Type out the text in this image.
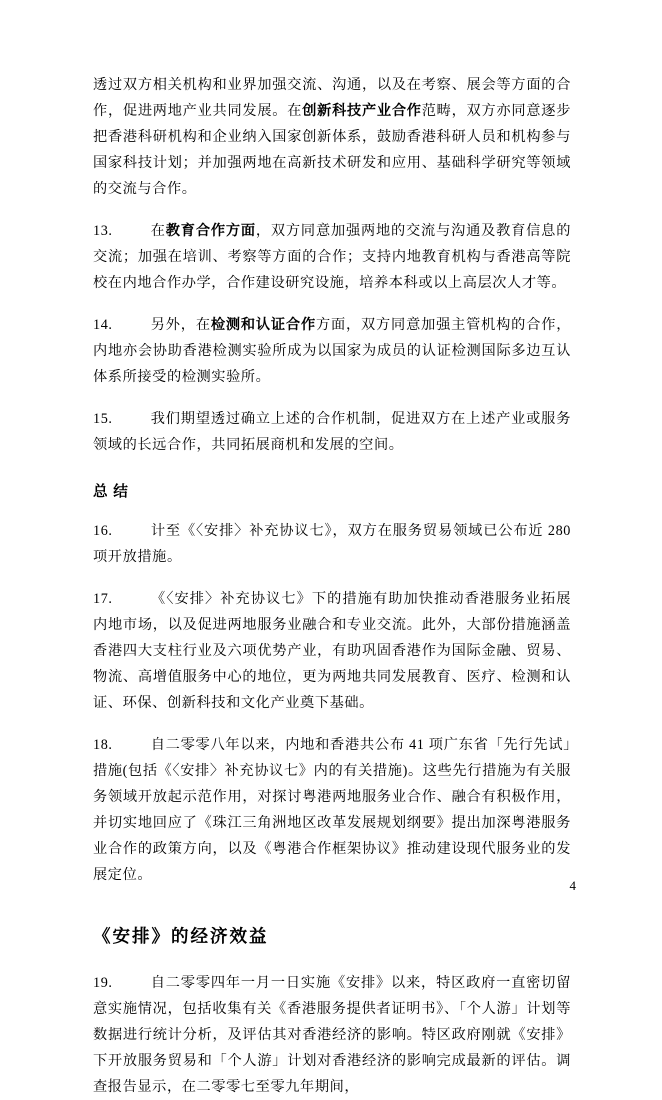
透过双方相关机构和业界加强交流、沟通，以及在考察、展会等方面的合作，促进两地产业共同发展。在创新科技产业合作范畴，双方亦同意逐步把香港科研机构和企业纳入国家创新体系，鼓励香港科研人员和机构参与国家科技计划；并加强两地在高新技术研发和应用、基础科学研究等领域的交流与合作。

13.	在教育合作方面，双方同意加强两地的交流与沟通及教育信息的交流；加强在培训、考察等方面的合作；支持内地教育机构与香港高等院校在内地合作办学，合作建设研究设施，培养本科或以上高层次人才等。

14.	另外，在检测和认证合作方面，双方同意加强主管机构的合作，内地亦会协助香港检测实验所成为以国家为成员的认证检测国际多边互认体系所接受的检测实验所。

15.	我们期望透过确立上述的合作机制，促进双方在上述产业或服务领域的长远合作，共同拓展商机和发展的空间。

总 结

16.	计至《〈安排〉补充协议七》，双方在服务贸易领域已公布近 280 项开放措施。

17.	《〈安排〉补充协议七》下的措施有助加快推动香港服务业拓展内地市场，以及促进两地服务业融合和专业交流。此外，大部份措施涵盖香港四大支柱行业及六项优势产业，有助巩固香港作为国际金融、贸易、物流、高增值服务中心的地位，更为两地共同发展教育、医疗、检测和认证、环保、创新科技和文化产业奠下基础。

18.	自二零零八年以来，内地和香港共公布 41 项广东省「先行先试」措施(包括《〈安排〉补充协议七》内的有关措施)。这些先行措施为有关服务领域开放起示范作用，对探讨粤港两地服务业合作、融合有积极作用，并切实地回应了《珠江三角洲地区改革发展规划纲要》提出加深粤港服务业合作的政策方向，以及《粤港合作框架协议》推动建设现代服务业的发展定位。

《安排》的经济效益

19.	自二零零四年一月一日实施《安排》以来，特区政府一直密切留意实施情况，包括收集有关《香港服务提供者证明书》、「个人游」计划等数据进行统计分析，及评估其对香港经济的影响。特区政府刚就《安排》下开放服务贸易和「个人游」计划对香港经济的影响完成最新的评估。调查报告显示，在二零零七至零九年期间，

4
